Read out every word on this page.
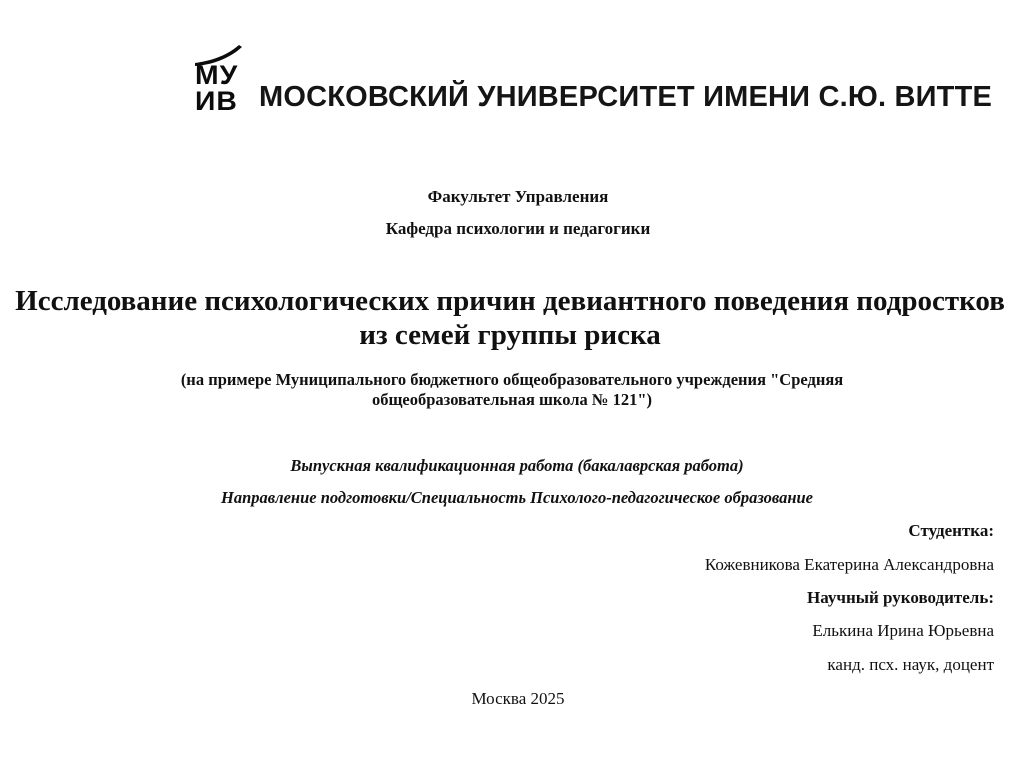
МУ
ИВ МОСКОВСКИЙ УНИВЕРСИТЕТ ИМЕНИ С.Ю. ВИТТЕ
Факультет Управления
Кафедра психологии и педагогики
Исследование психологических причин девиантного поведения подростков из семей группы риска
(на примере Муниципального бюджетного общеобразовательного учреждения "Средняя общеобразовательная школа № 121")
Выпускная квалификационная работа (бакалаврская работа)
Направление подготовки/Специальность Психолого-педагогическое образование
Студентка:
Кожевникова Екатерина Александровна
Научный руководитель:
Елькина Ирина Юрьевна
канд. псх. наук, доцент
Москва 2025
